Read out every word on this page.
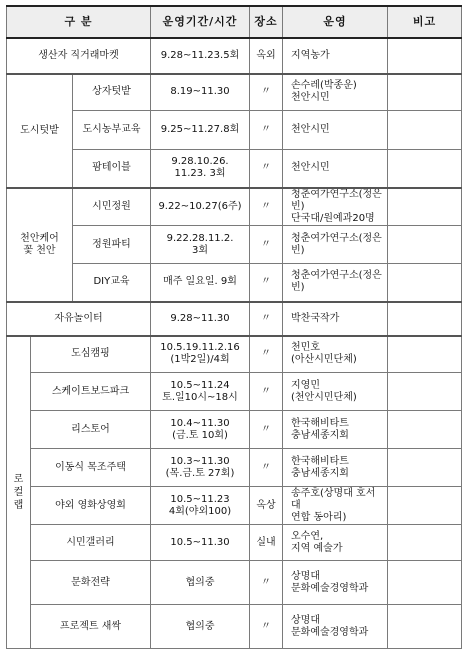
구 분			운영기간/시간	장소	운영	비고

생산자 직거래마켓			9.28~11.23.5회	옥외	지역농가	

도시텃밭		상자텃밭	8.19~11.30	〃	손수레(박종운)
천안시민	

		도시농부교육	9.25~11.27.8회	〃	천안시민	

		팜테이블	9.28.10.26.
11.23. 3회	〃	천안시민	

천안케어
꽃 천안		시민정원	9.22~10.27(6주)	〃	청춘여가연구소(정은빈)
단국대/원예과20명	

		정원파티	9.22.28.11.2.
3회	〃	청춘여가연구소(정은빈)	

		DIY교육	매주 일요일. 9회	〃	청춘여가연구소(정은빈)	

자유놀이터			9.28~11.30	〃	박찬국작가	

로
컬
랩	도심캠핑		10.5.19.11.2.16
(1박2일)/4회	〃	천민호
(아산시민단체)	

	스케이트보드파크		10.5~11.24
토.일10시~18시	〃	지영민
(천안시민단체)	

	리스토어		10.4~11.30
(금.토 10회)	〃	한국해비타트
충남세종지회	

	이동식 목조주택		10.3~11.30
(목.금.토 27회)	〃	한국해비타트
충남세종지회	

	야외 영화상영회		10.5~11.23
4회(야외100)	옥상	송주호(상명대 호서대
연합 동아리)	

	시민갤러리		10.5~11.30	실내	오수연,
지역 예술가	

	문화전략		협의중	〃	상명대
문화예술경영학과	

	프로젝트 새싹		협의중	〃	상명대
문화예술경영학과	
